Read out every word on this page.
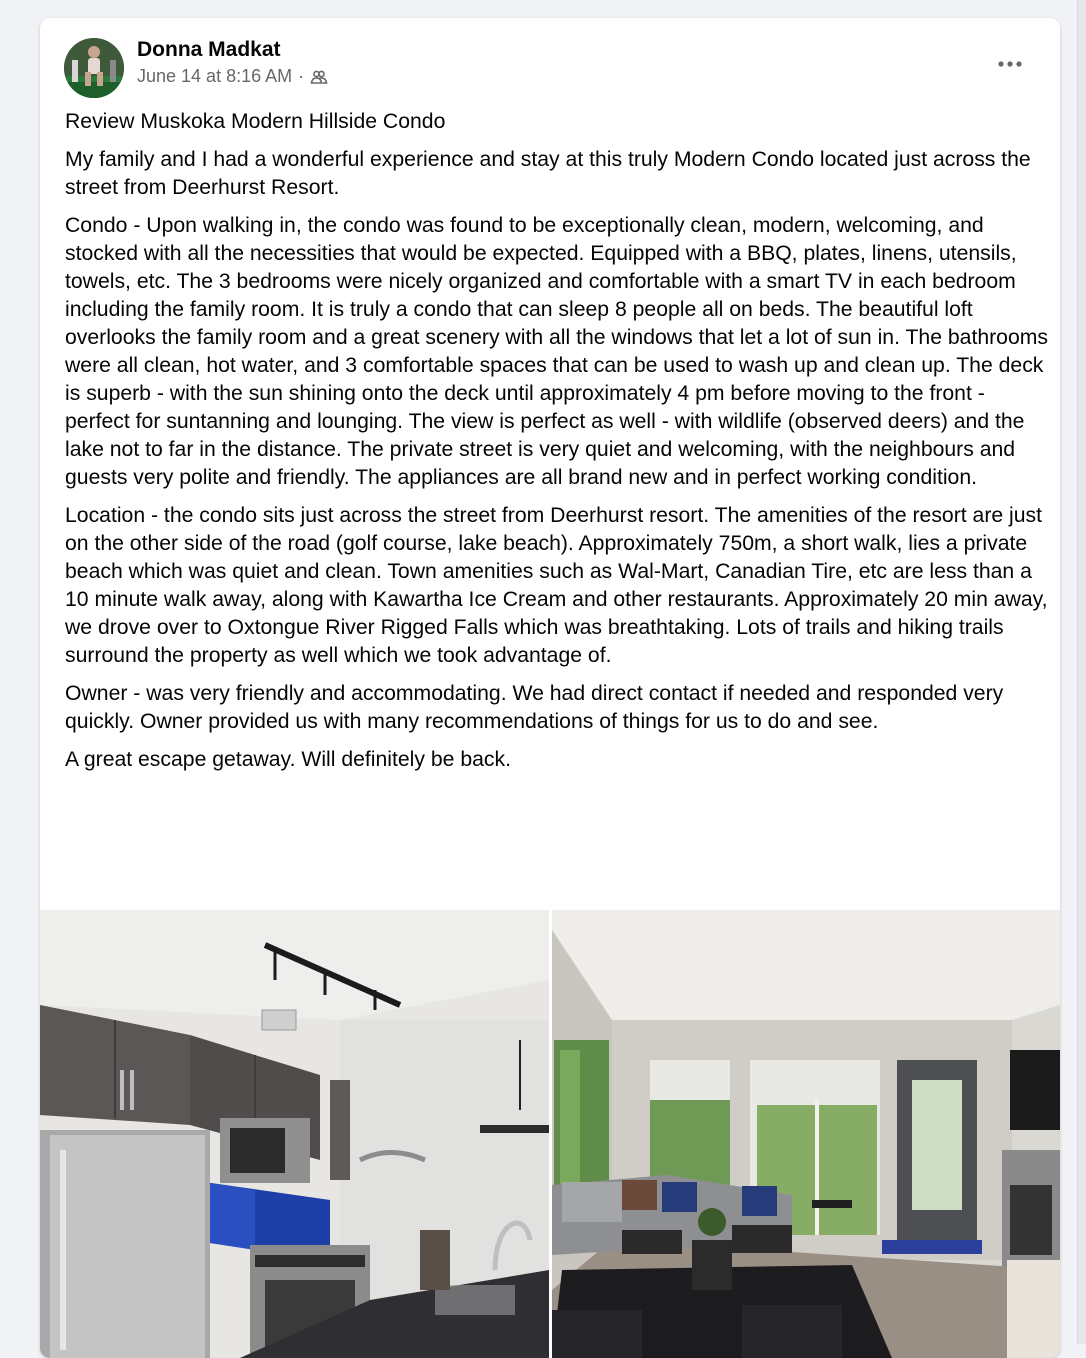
Donna Madkat
June 14 at 8:16 AM ·

Review Muskoka Modern Hillside Condo

My family and I had a wonderful experience and stay at this truly Modern Condo located just across the street from Deerhurst Resort.

Condo - Upon walking in, the condo was found to be exceptionally clean, modern, welcoming, and stocked with all the necessities that would be expected. Equipped with a BBQ, plates, linens, utensils, towels, etc. The 3 bedrooms were nicely organized and comfortable with a smart TV in each bedroom including the family room. It is truly a condo that can sleep 8 people all on beds. The beautiful loft overlooks the family room and a great scenery with all the windows that let a lot of sun in. The bathrooms were all clean, hot water, and 3 comfortable spaces that can be used to wash up and clean up. The deck is superb - with the sun shining onto the deck until approximately 4 pm before moving to the front - perfect for suntanning and lounging. The view is perfect as well - with wildlife (observed deers) and the lake not to far in the distance. The private street is very quiet and welcoming, with the neighbours and guests very polite and friendly. The appliances are all brand new and in perfect working condition.

Location - the condo sits just across the street from Deerhurst resort. The amenities of the resort are just on the other side of the road (golf course, lake beach). Approximately 750m, a short walk, lies a private beach which was quiet and clean. Town amenities such as Wal-Mart, Canadian Tire, etc are less than a 10 minute walk away, along with Kawartha Ice Cream and other restaurants. Approximately 20 min away, we drove over to Oxtongue River Rigged Falls which was breathtaking. Lots of trails and hiking trails surround the property as well which we took advantage of.

Owner - was very friendly and accommodating. We had direct contact if needed and responded very quickly. Owner provided us with many recommendations of things for us to do and see.

A great escape getaway. Will definitely be back.
